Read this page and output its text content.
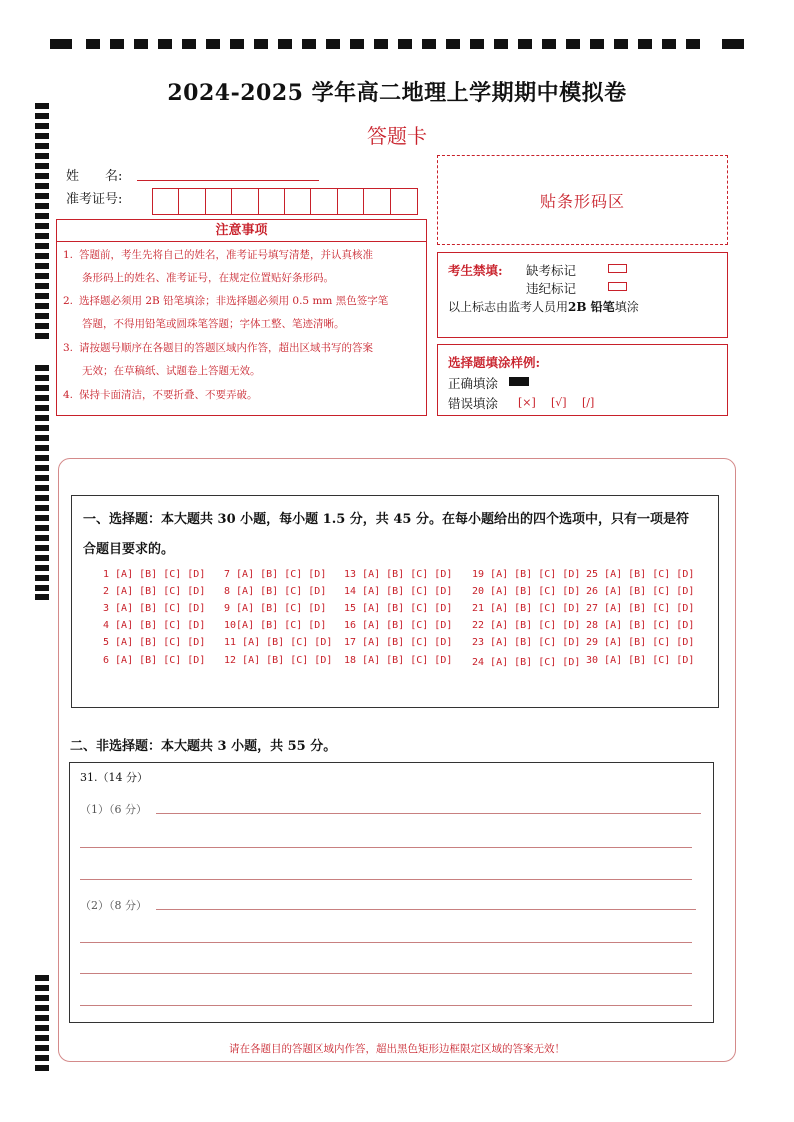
2024-2025 学年高二地理上学期期中模拟卷
答题卡
姓　　名:
准考证号:	贴条形码区
注意事项
1. 答题前，考生先将自己的姓名，准考证号填写清楚，并认真核准
条形码上的姓名、准考证号，在规定位置贴好条形码。
2. 选择题必须用 2B 铅笔填涂；非选择题必须用 0.5 mm 黑色签字笔
答题，不得用铅笔或圆珠笔答题；字体工整、笔迹清晰。
3. 请按题号顺序在各题目的答题区域内作答，超出区域书写的答案
无效；在草稿纸、试题卷上答题无效。
4. 保持卡面清洁，不要折叠、不要弄破。
考生禁填: 缺考标记
违纪标记
以上标志由监考人员用2B 铅笔填涂
选择题填涂样例:
正确填涂
错误填涂 [×] [√] [/]
一、选择题：本大题共 30 小题，每小题 1.5 分，共 45 分。在每小题给出的四个选项中，只有一项是符
合题目要求的。
1 [A] [B] [C] [D]
2 [A] [B] [C] [D]
3 [A] [B] [C] [D]
4 [A] [B] [C] [D]
5 [A] [B] [C] [D]
6 [A] [B] [C] [D]
7 [A] [B] [C] [D]
8 [A] [B] [C] [D]
9 [A] [B] [C] [D]
10[A] [B] [C] [D]
11 [A] [B] [C] [D]
12 [A] [B] [C] [D]
13 [A] [B] [C] [D]
14 [A] [B] [C] [D]
15 [A] [B] [C] [D]
16 [A] [B] [C] [D]
17 [A] [B] [C] [D]
18 [A] [B] [C] [D]
19 [A] [B] [C] [D]
20 [A] [B] [C] [D]
21 [A] [B] [C] [D]
22 [A] [B] [C] [D]
23 [A] [B] [C] [D]
24 [A] [B] [C] [D]
25 [A] [B] [C] [D]
26 [A] [B] [C] [D]
27 [A] [B] [C] [D]
28 [A] [B] [C] [D]
29 [A] [B] [C] [D]
30 [A] [B] [C] [D]
二、非选择题：本大题共 3 小题，共 55 分。
31.（14 分）
（1）（6 分）
（2）（8 分）
请在各题目的答题区域内作答，超出黑色矩形边框限定区域的答案无效！
